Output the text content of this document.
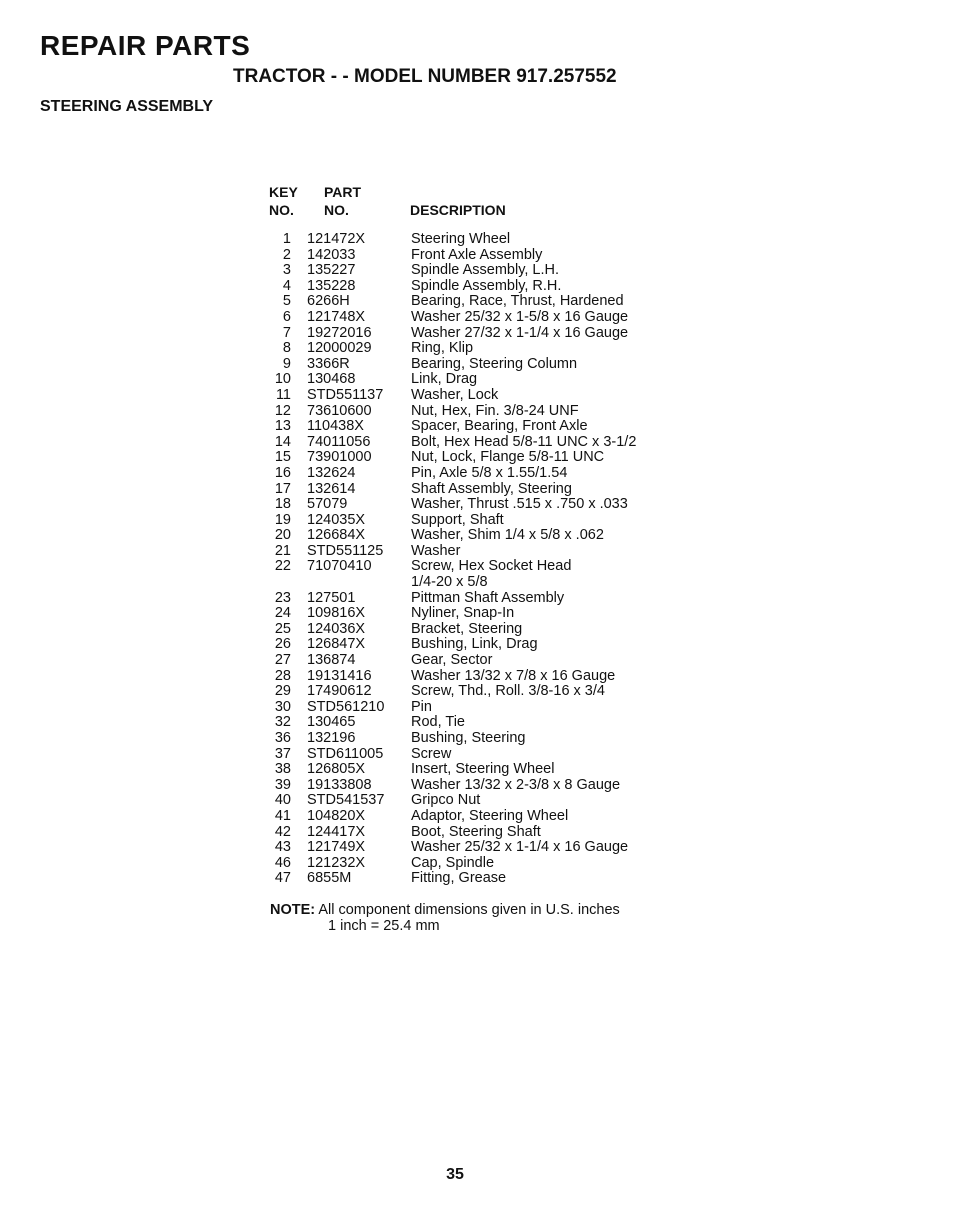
REPAIR PARTS
TRACTOR - - MODEL NUMBER 917.257552
STEERING ASSEMBLY
KEY
NO.
PART
NO.	DESCRIPTION
1 121472X	Steering Wheel
2 142033	Front Axle Assembly
3 135227	Spindle Assembly, L.H.
4 135228	Spindle Assembly, R.H.
5 6266H	Bearing, Race, Thrust, Hardened
6 121748X	Washer 25/32 x 1-5/8 x 16 Gauge
7 19272016	Washer 27/32 x 1-1/4 x 16 Gauge
8 12000029	Ring, Klip
9 3366R	Bearing, Steering Column
10 130468	Link, Drag
11 STD551137 Washer, Lock
12 73610600	Nut, Hex, Fin. 3/8-24 UNF
13 110438X	Spacer, Bearing, Front Axle
14 74011056	Bolt, Hex Head 5/8-11 UNC x 3-1/2
15 73901000	Nut, Lock, Flange 5/8-11 UNC
16 132624	Pin, Axle 5/8 x 1.55/1.54
17 132614	Shaft Assembly, Steering
18 57079	Washer, Thrust .515 x .750 x .033
19 124035X	Support, Shaft
20 126684X	Washer, Shim 1/4 x 5/8 x .062
21 STD551125 Washer
22 71070410	Screw, Hex Socket Head
1/4-20 x 5/8
23 127501	Pittman Shaft Assembly
24 109816X	Nyliner, Snap-In
25 124036X	Bracket, Steering
26 126847X	Bushing, Link, Drag
27 136874	Gear, Sector
28 19131416	Washer 13/32 x 7/8 x 16 Gauge
29 17490612	Screw, Thd., Roll. 3/8-16 x 3/4
30 STD561210 Pin
32 130465	Rod, Tie
36 132196	Bushing, Steering
37 STD611005 Screw
38 126805X	Insert, Steering Wheel
39 19133808	Washer 13/32 x 2-3/8 x 8 Gauge
40 STD541537 Gripco Nut
41 104820X	Adaptor, Steering Wheel
42 124417X	Boot, Steering Shaft
43 121749X	Washer 25/32 x 1-1/4 x 16 Gauge
46 121232X	Cap, Spindle
47 6855M	Fitting, Grease
NOTE: All component dimensions given in U.S. inches
1 inch = 25.4 mm
35
